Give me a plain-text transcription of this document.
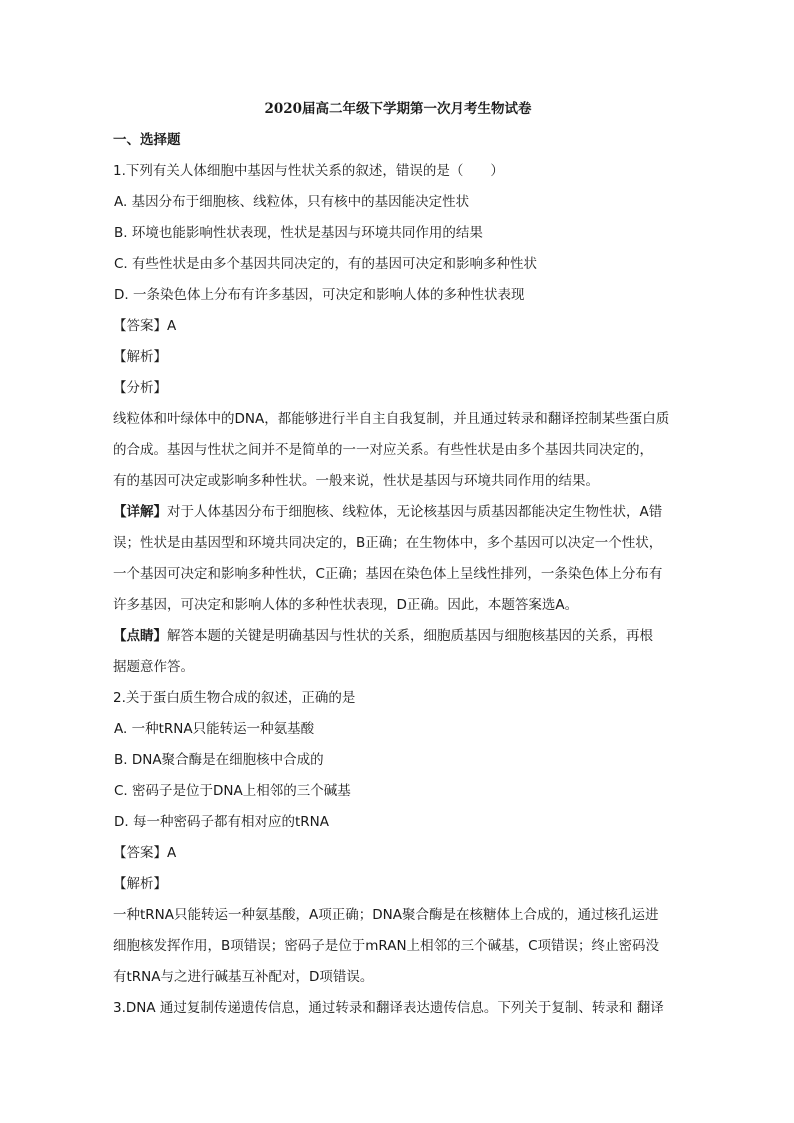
2020届高二年级下学期第一次月考生物试卷
一、选择题
1.下列有关人体细胞中基因与性状关系的叙述，错误的是（　　）
A. 基因分布于细胞核、线粒体，只有核中的基因能决定性状
B. 环境也能影响性状表现，性状是基因与环境共同作用的结果
C. 有些性状是由多个基因共同决定的，有的基因可决定和影响多种性状
D. 一条染色体上分布有许多基因，可决定和影响人体的多种性状表现
【答案】A
【解析】
【分析】
线粒体和叶绿体中的DNA，都能够进行半自主自我复制，并且通过转录和翻译控制某些蛋白质
的合成。基因与性状之间并不是简单的一一对应关系。有些性状是由多个基因共同决定的，
有的基因可决定或影响多种性状。一般来说，性状是基因与环境共同作用的结果。
【详解】对于人体基因分布于细胞核、线粒体，无论核基因与质基因都能决定生物性状，A错
误；性状是由基因型和环境共同决定的，B正确；在生物体中，多个基因可以决定一个性状，
一个基因可决定和影响多种性状，C正确；基因在染色体上呈线性排列，一条染色体上分布有
许多基因，可决定和影响人体的多种性状表现，D正确。因此，本题答案选A。
【点睛】解答本题的关键是明确基因与性状的关系，细胞质基因与细胞核基因的关系，再根
据题意作答。
2.关于蛋白质生物合成的叙述，正确的是
A. 一种tRNA只能转运一种氨基酸
B. DNA聚合酶是在细胞核中合成的
C. 密码子是位于DNA上相邻的三个碱基
D. 每一种密码子都有相对应的tRNA
【答案】A
【解析】
一种tRNA只能转运一种氨基酸，A项正确；DNA聚合酶是在核糖体上合成的，通过核孔运进
细胞核发挥作用，B项错误；密码子是位于mRAN上相邻的三个碱基，C项错误；终止密码没
有tRNA与之进行碱基互补配对，D项错误。
3.DNA 通过复制传递遗传信息，通过转录和翻译表达遗传信息。下列关于复制、转录和 翻译
